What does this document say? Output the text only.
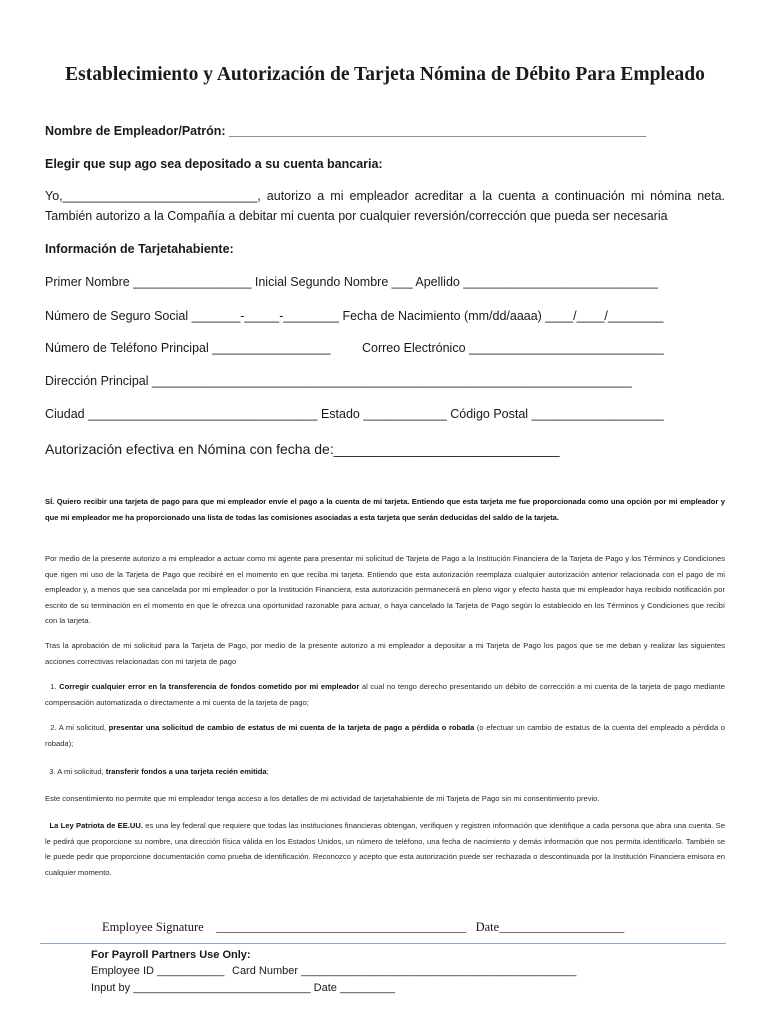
Establecimiento y Autorización de Tarjeta Nómina de Débito Para Empleado
Nombre de Empleador/Patrón: ____________________________________________________________
Elegir que sup ago sea depositado a su cuenta bancaria:
Yo,____________________________, autorizo a mi empleador acreditar a la cuenta a continuación mi nómina neta.
También autorizo a la Compañía a debitar mi cuenta por cualquier reversión/corrección que pueda ser necesaria
Información de Tarjetahabiente:
Primer Nombre _________________ Inicial Segundo Nombre ___ Apellido ____________________________
Número de Seguro Social _______-_____-________ Fecha de Nacimiento (mm/dd/aaaa) ____/____/________
Número de Teléfono Principal _________________	Correo Electrónico ____________________________
Dirección Principal _____________________________________________________________________
Ciudad _________________________________ Estado ____________ Código Postal ___________________
Autorización efectiva en Nómina con fecha de:_____________________________
SÍ. Quiero recibir una tarjeta de pago para que mi empleador envíe el pago a la cuenta de mi tarjeta. Entiendo que esta tarjeta me fue proporcionada como una opción por mi empleador y que mi empleador me ha proporcionado una lista de todas las comisiones asociadas a esta tarjeta que serán deducidas del saldo de la tarjeta.
Por medio de la presente autorizo a mi empleador a actuar como mi agente para presentar mi solicitud de Tarjeta de Pago a la Institución Financiera de la Tarjeta de Pago y los Términos y Condiciones que rigen mi uso de la Tarjeta de Pago que recibiré en el momento en que reciba mi tarjeta. Entiendo que esta autorización reemplaza cualquier autorización anterior relacionada con el pago de mi empleador y, a menos que sea cancelada por mi empleador o por la Institución Financiera, esta autorización permanecerá en pleno vigor y efecto hasta que mi empleador haya recibido notificación por escrito de su terminación en el momento en que le ofrezca una oportunidad razonable para actuar, o haya cancelado la Tarjeta de Pago según lo establecido en los Términos y Condiciones que recibí con la tarjeta.
Tras la aprobación de mi solicitud para la Tarjeta de Pago, por medio de la presente autorizo a mi empleador a depositar a mi Tarjeta de Pago los pagos que se me deban y realizar las siguientes acciones correctivas relacionadas con mi tarjeta de pago
1. Corregir cualquier error en la transferencia de fondos cometido por mi empleador al cual no tengo derecho presentando un débito de corrección a mi cuenta de la tarjeta de pago mediante compensación automatizada o directamente a mi cuenta de la tarjeta de pago;
2. A mi solicitud, presentar una solicitud de cambio de estatus de mi cuenta de la tarjeta de pago a pérdida o robada (o efectuar un cambio de estatus de la cuenta del empleado a pérdida o robada);
3. A mi solicitud, transferir fondos a una tarjeta recién emitida;
Este consentimiento no permite que mi empleador tenga acceso a los detalles de mi actividad de tarjetahabiente de mi Tarjeta de Pago sin mi consentimiento previo.
La Ley Patriota de EE.UU. es una ley federal que requiere que todas las instituciones financieras obtengan, verifiquen y registren información que identifique a cada persona que abra una cuenta. Se le pedirá que proporcione su nombre, una dirección física válida en los Estados Unidos, un número de teléfono, una fecha de nacimiento y demás información que nos permita identificarlo. También se le puede pedir que proporcione documentación como prueba de identificación. Reconozco y acepto que esta autorización puede ser rechazada o descontinuada por la Institución Financiera emisora en cualquier momento.
Employee Signature ________________________________________ Date____________________
For Payroll Partners Use Only:
Employee ID ___________ Card Number _____________________________________________
Input by _____________________________ Date _________
